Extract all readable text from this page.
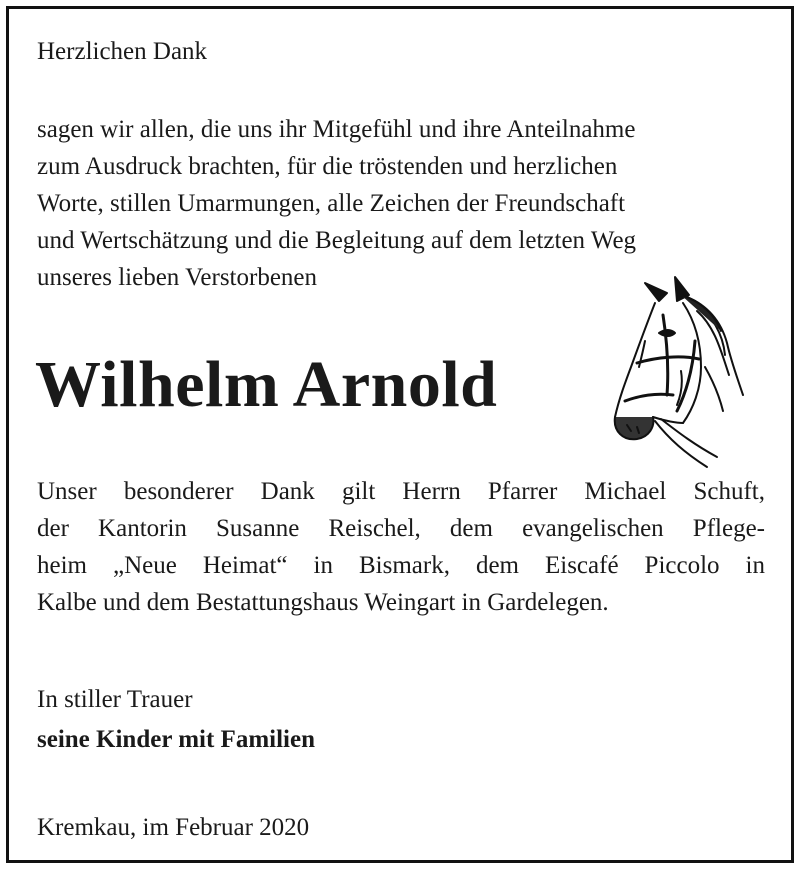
Herzlichen Dank

sagen wir allen, die uns ihr Mitgefühl und ihre Anteilnahme
zum Ausdruck brachten, für die tröstenden und herzlichen
Worte, stillen Umarmungen, alle Zeichen der Freundschaft
und Wertschätzung und die Begleitung auf dem letzten Weg
unseres lieben Verstorbenen
Wilhelm Arnold
Unser besonderer Dank gilt Herrn Pfarrer Michael Schuft,
der Kantorin Susanne Reischel, dem evangelischen Pflege-
heim „Neue Heimat“ in Bismark, dem Eiscafé Piccolo in
Kalbe und dem Bestattungshaus Weingart in Gardelegen.

In stiller Trauer

seine Kinder mit Familien

Kremkau, im Februar 2020
